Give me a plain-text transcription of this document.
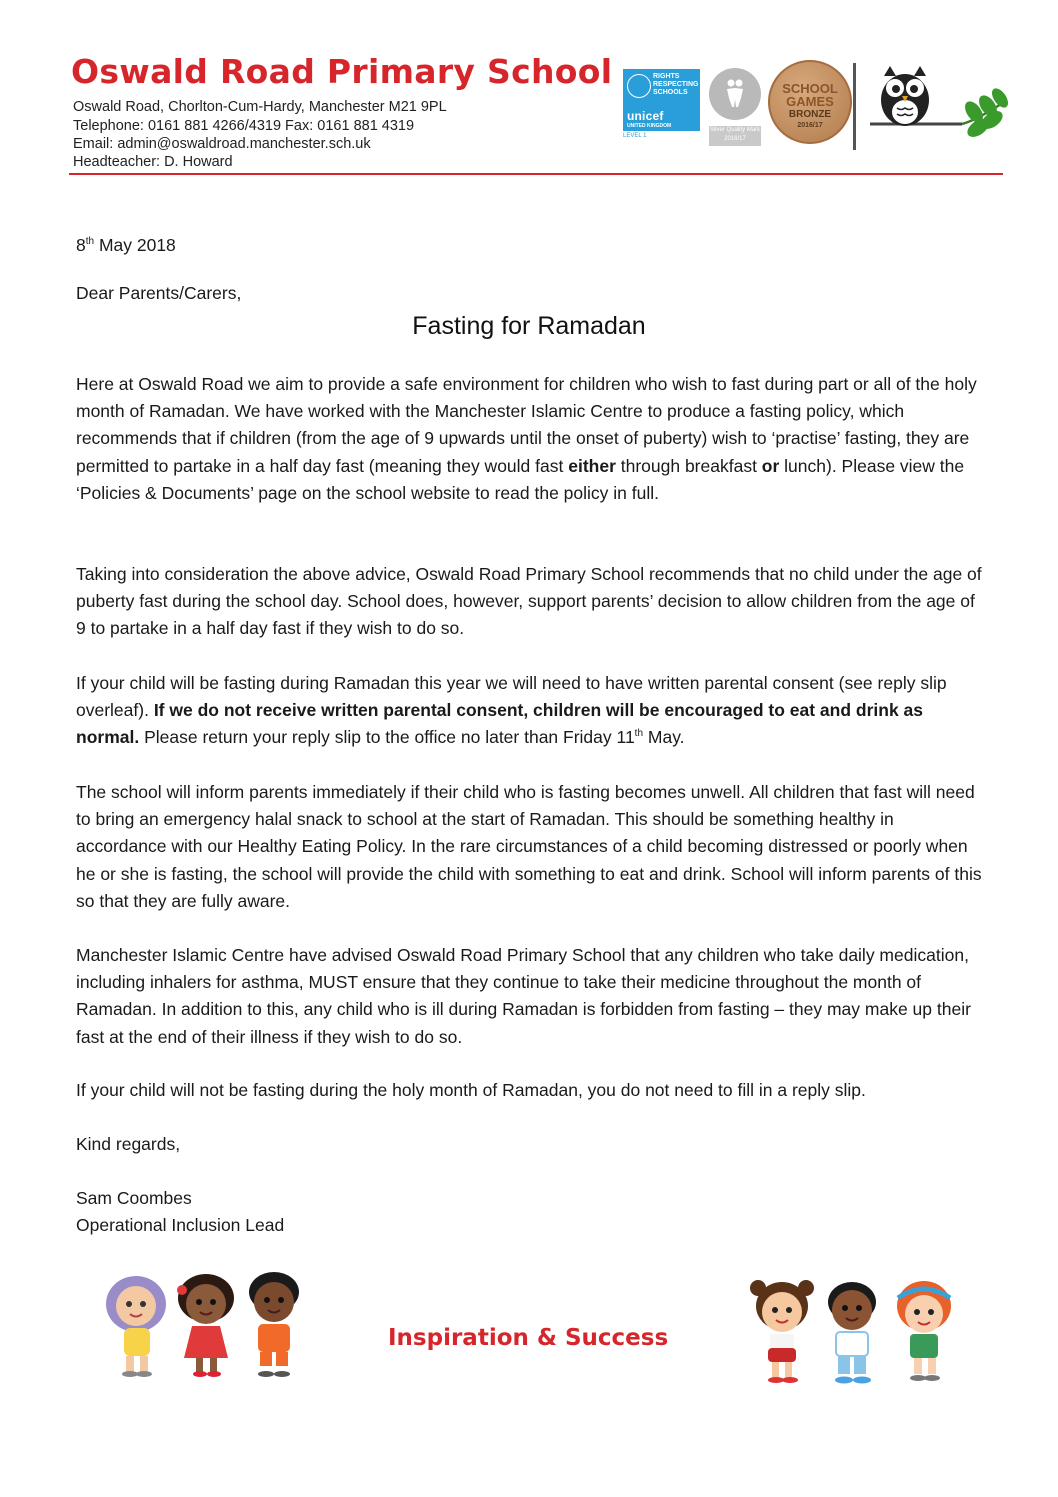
Oswald Road Primary School
Oswald Road, Chorlton-Cum-Hardy, Manchester M21 9PL
Telephone: 0161 881 4266/4319 Fax: 0161 881 4319
Email: admin@oswaldroad.manchester.sch.uk
Headteacher: D. Howard
RIGHTS RESPECTING SCHOOLS
unicef
UNITED KINGDOM
LEVEL 1
Silver Quality Mark 2016/17
SCHOOL GAMES
BRONZE
2016/17
8th May 2018
Dear Parents/Carers,
Fasting for Ramadan

Here at Oswald Road we aim to provide a safe environment for children who wish to fast during part or all of the holy month of Ramadan. We have worked with the Manchester Islamic Centre to produce a fasting policy, which recommends that if children (from the age of 9 upwards until the onset of puberty) wish to ‘practise’ fasting, they are permitted to partake in a half day fast (meaning they would fast either through breakfast or lunch). Please view the ‘Policies & Documents’ page on the school website to read the policy in full.

Taking into consideration the above advice, Oswald Road Primary School recommends that no child under the age of puberty fast during the school day. School does, however, support parents’ decision to allow children from the age of 9 to partake in a half day fast if they wish to do so.

If your child will be fasting during Ramadan this year we will need to have written parental consent (see reply slip overleaf). If we do not receive written parental consent, children will be encouraged to eat and drink as normal. Please return your reply slip to the office no later than Friday 11th May.

The school will inform parents immediately if their child who is fasting becomes unwell. All children that fast will need to bring an emergency halal snack to school at the start of Ramadan. This should be something healthy in accordance with our Healthy Eating Policy. In the rare circumstances of a child becoming distressed or poorly when he or she is fasting, the school will provide the child with something to eat and drink. School will inform parents of this so that they are fully aware.

Manchester Islamic Centre have advised Oswald Road Primary School that any children who take daily medication, including inhalers for asthma, MUST ensure that they continue to take their medicine throughout the month of Ramadan. In addition to this, any child who is ill during Ramadan is forbidden from fasting – they may make up their fast at the end of their illness if they wish to do so.

If your child will not be fasting during the holy month of Ramadan, you do not need to fill in a reply slip.

Kind regards,
Sam Coombes
Operational Inclusion Lead
Inspiration & Success
